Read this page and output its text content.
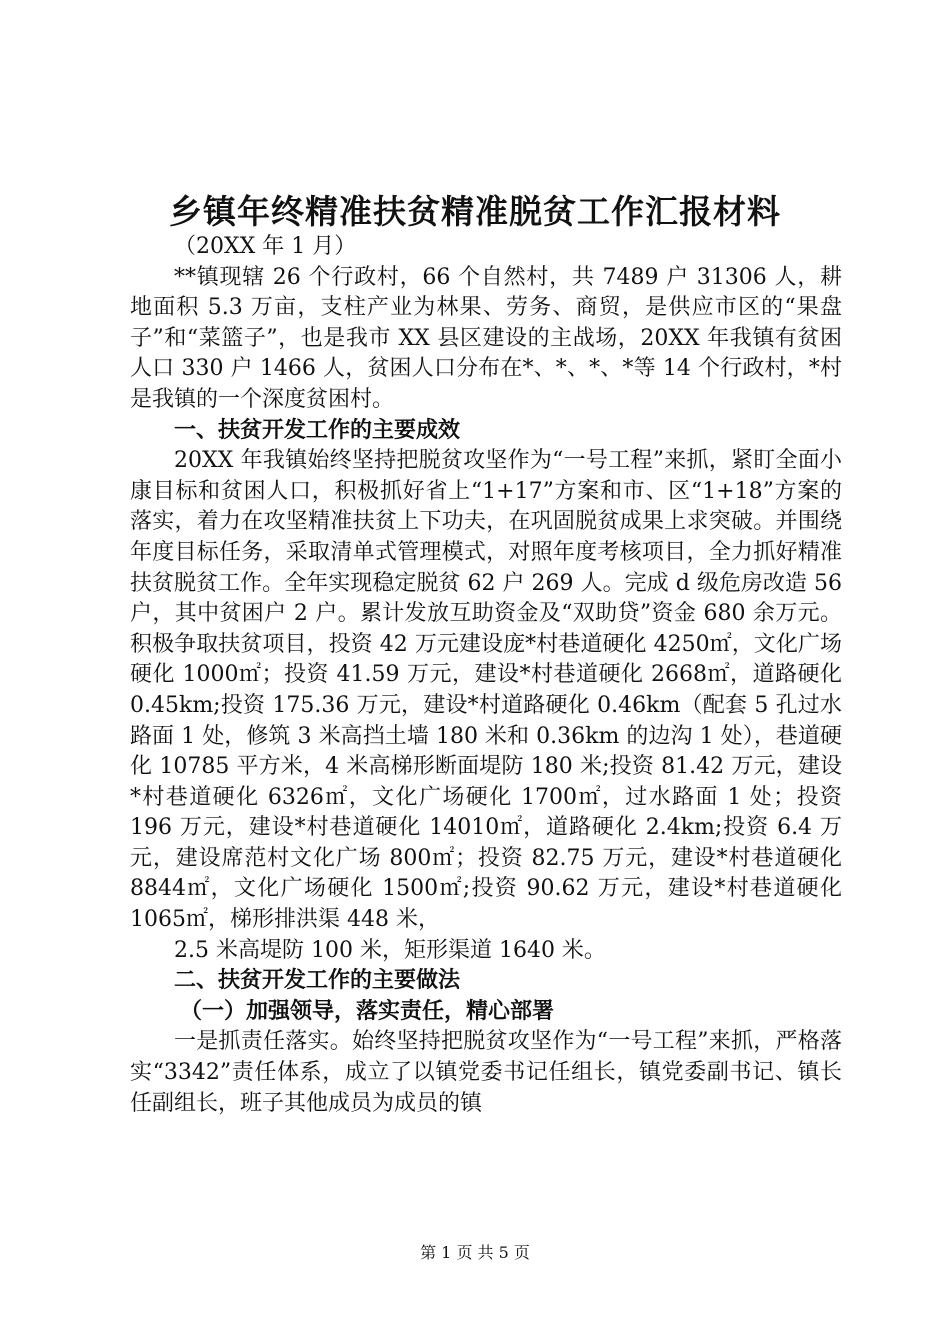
乡镇年终精准扶贫精准脱贫工作汇报材料

（20XX 年 1 月）

**镇现辖 26 个行政村，66 个自然村，共 7489 户 31306 人，耕地面积 5.3 万亩，支柱产业为林果、劳务、商贸，是供应市区的“果盘子”和“菜篮子”，也是我市 XX 县区建设的主战场，20XX 年我镇有贫困人口 330 户 1466 人，贫困人口分布在*、*、*、*等 14 个行政村，*村是我镇的一个深度贫困村。

一、扶贫开发工作的主要成效

20XX 年我镇始终坚持把脱贫攻坚作为“一号工程”来抓，紧盯全面小康目标和贫困人口，积极抓好省上“1+17”方案和市、区“1+18”方案的落实，着力在攻坚精准扶贫上下功夫，在巩固脱贫成果上求突破。并围绕年度目标任务，采取清单式管理模式，对照年度考核项目，全力抓好精准扶贫脱贫工作。全年实现稳定脱贫 62 户 269 人。完成 d 级危房改造 56 户，其中贫困户 2 户。累计发放互助资金及“双助贷”资金 680 余万元。积极争取扶贫项目，投资 42 万元建设庞*村巷道硬化 4250㎡，文化广场硬化 1000㎡；投资 41.59 万元，建设*村巷道硬化 2668㎡，道路硬化 0.45km;投资 175.36 万元，建设*村道路硬化 0.46km（配套 5 孔过水路面 1 处，修筑 3 米高挡土墙 180 米和 0.36km 的边沟 1 处），巷道硬化 10785 平方米，4 米高梯形断面堤防 180 米;投资 81.42 万元，建设*村巷道硬化 6326㎡，文化广场硬化 1700㎡，过水路面 1 处；投资 196 万元，建设*村巷道硬化 14010㎡，道路硬化 2.4km;投资 6.4 万元，建设席范村文化广场 800㎡；投资 82.75 万元，建设*村巷道硬化 8844㎡，文化广场硬化 1500㎡;投资 90.62 万元，建设*村巷道硬化 1065㎡，梯形排洪渠 448 米，

2.5 米高堤防 100 米，矩形渠道 1640 米。

二、扶贫开发工作的主要做法

（一）加强领导，落实责任，精心部署

一是抓责任落实。始终坚持把脱贫攻坚作为“一号工程”来抓，严格落实“3342”责任体系，成立了以镇党委书记任组长，镇党委副书记、镇长任副组长，班子其他成员为成员的镇

第 1 页 共 5 页
